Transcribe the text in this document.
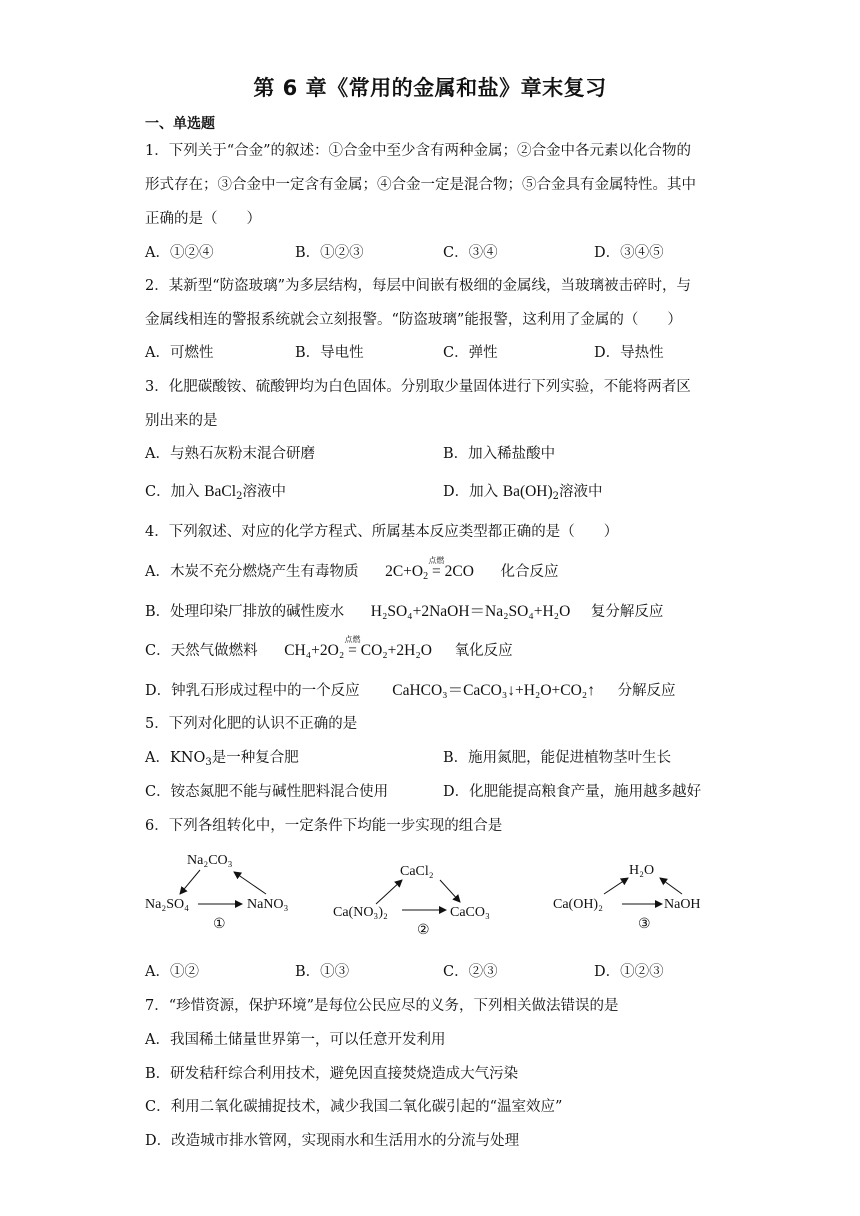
第 6 章《常用的金属和盐》章末复习
一、单选题
1．下列关于“合金”的叙述：①合金中至少含有两种金属；②合金中各元素以化合物的
形式存在；③合金中一定含有金属；④合金一定是混合物；⑤合金具有金属特性。其中
正确的是（　　）
A．①②④	B．①②③	C．③④	D．③④⑤
2．某新型“防盗玻璃”为多层结构，每层中间嵌有极细的金属线，当玻璃被击碎时，与
金属线相连的警报系统就会立刻报警。“防盗玻璃”能报警，这利用了金属的（　　）
A．可燃性	B．导电性	C．弹性	D．导热性
3．化肥碳酸铵、硫酸钾均为白色固体。分别取少量固体进行下列实验，不能将两者区
别出来的是
A．与熟石灰粉末混合研磨	B．加入稀盐酸中
C．加入 BaCl$_2$溶液中	D．加入 $Ba(OH)_2$溶液中
4．下列叙述、对应的化学方程式、所属基本反应类型都正确的是（　　）
A．木炭不充分燃烧产生有毒物质 $2C+O_2$
点燃
= 2CO 化合反应
B．处理印染厂排放的碱性废水 H₂SO₄+2NaOH＝Na₂SO₄+H₂O 复分解反应
C．天然气做燃料 CH₄+2O₂
点燃
= CO₂+2H₂O 氧化反应
D．钟乳石形成过程中的一个反应 CaHCO₃＝CaCO₃↓+H₂O+CO₂↑ 分解反应
5．下列对化肥的认识不正确的是
A．$KNO_3$是一种复合肥	B．施用氮肥，能促进植物茎叶生长
C．铵态氮肥不能与碱性肥料混合使用	D．化肥能提高粮食产量，施用越多越好
6．下列各组转化中，一定条件下均能一步实现的组合是
Na₂CO₃
Na₂SO₄	NaNO₃
①
CaCl₂
Ca(NO₃)₂	CaCO₃
②
H₂O
Ca(OH)₂	NaOH
③
A．①②	B．①③	C．②③	D．①②③
7．“珍惜资源，保护环境”是每位公民应尽的义务，下列相关做法错误的是
A．我国稀土储量世界第一，可以任意开发利用
B．研发秸秆综合利用技术，避免因直接焚烧造成大气污染
C．利用二氧化碳捕捉技术，减少我国二氧化碳引起的“温室效应”
D．改造城市排水管网，实现雨水和生活用水的分流与处理
